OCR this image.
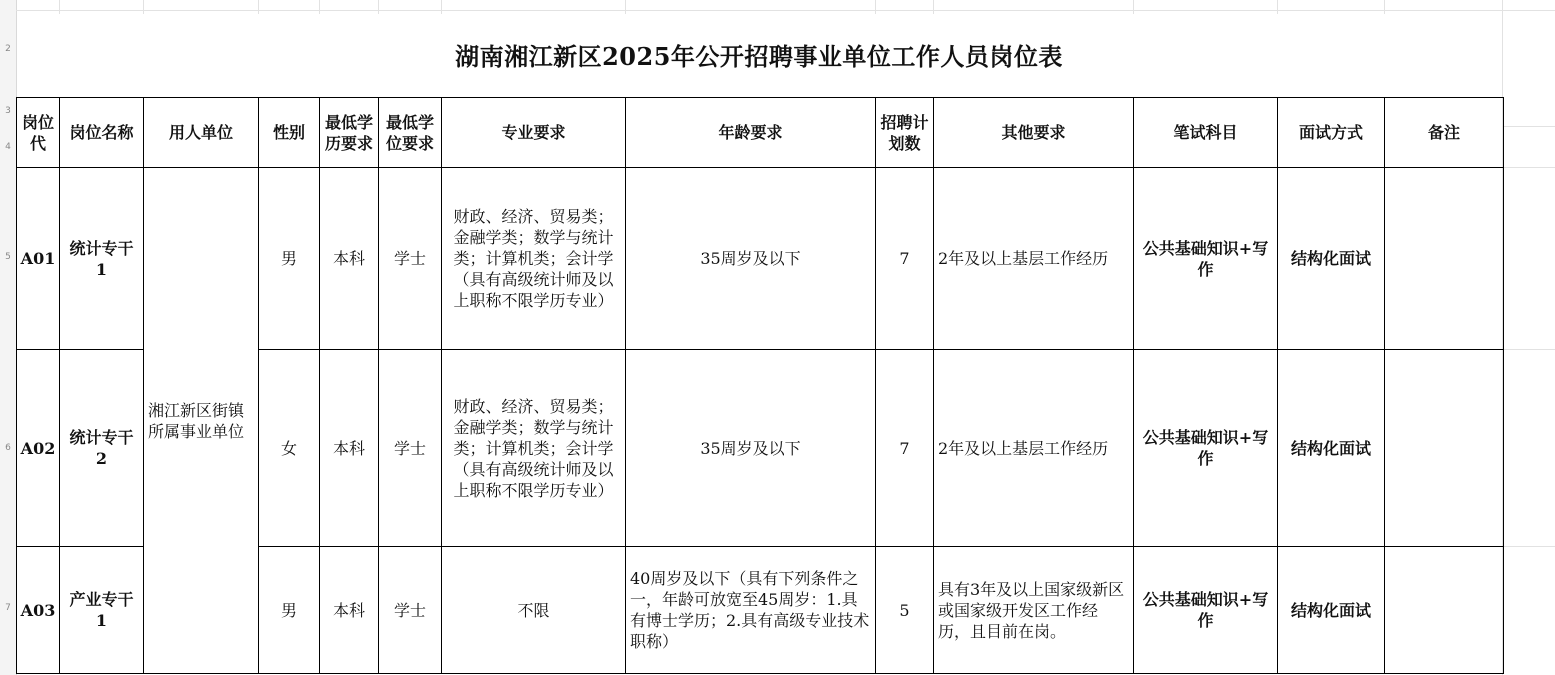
2
3
4
5
6
7
湖南湘江新区2025年公开招聘事业单位工作人员岗位表
岗位代	岗位名称	用人单位	性别	最低学历要求	最低学位要求	专业要求	年龄要求	招聘计划数	其他要求	笔试科目	面试方式	备注
A01	统计专干1	湘江新区街镇所属事业单位	男	本科	学士	财政、经济、贸易类；金融学类；数学与统计类；计算机类；会计学（具有高级统计师及以上职称不限学历专业）	35周岁及以下	7	2年及以上基层工作经历	公共基础知识+写作	结构化面试	
A02	统计专干2		女	本科	学士	财政、经济、贸易类；金融学类；数学与统计类；计算机类；会计学（具有高级统计师及以上职称不限学历专业）	35周岁及以下	7	2年及以上基层工作经历	公共基础知识+写作	结构化面试	
A03	产业专干1		男	本科	学士	不限	40周岁及以下（具有下列条件之一，年龄可放宽至45周岁：1.具有博士学历；2.具有高级专业技术职称）	5	具有3年及以上国家级新区或国家级开发区工作经历，且目前在岗。	公共基础知识+写作	结构化面试	
